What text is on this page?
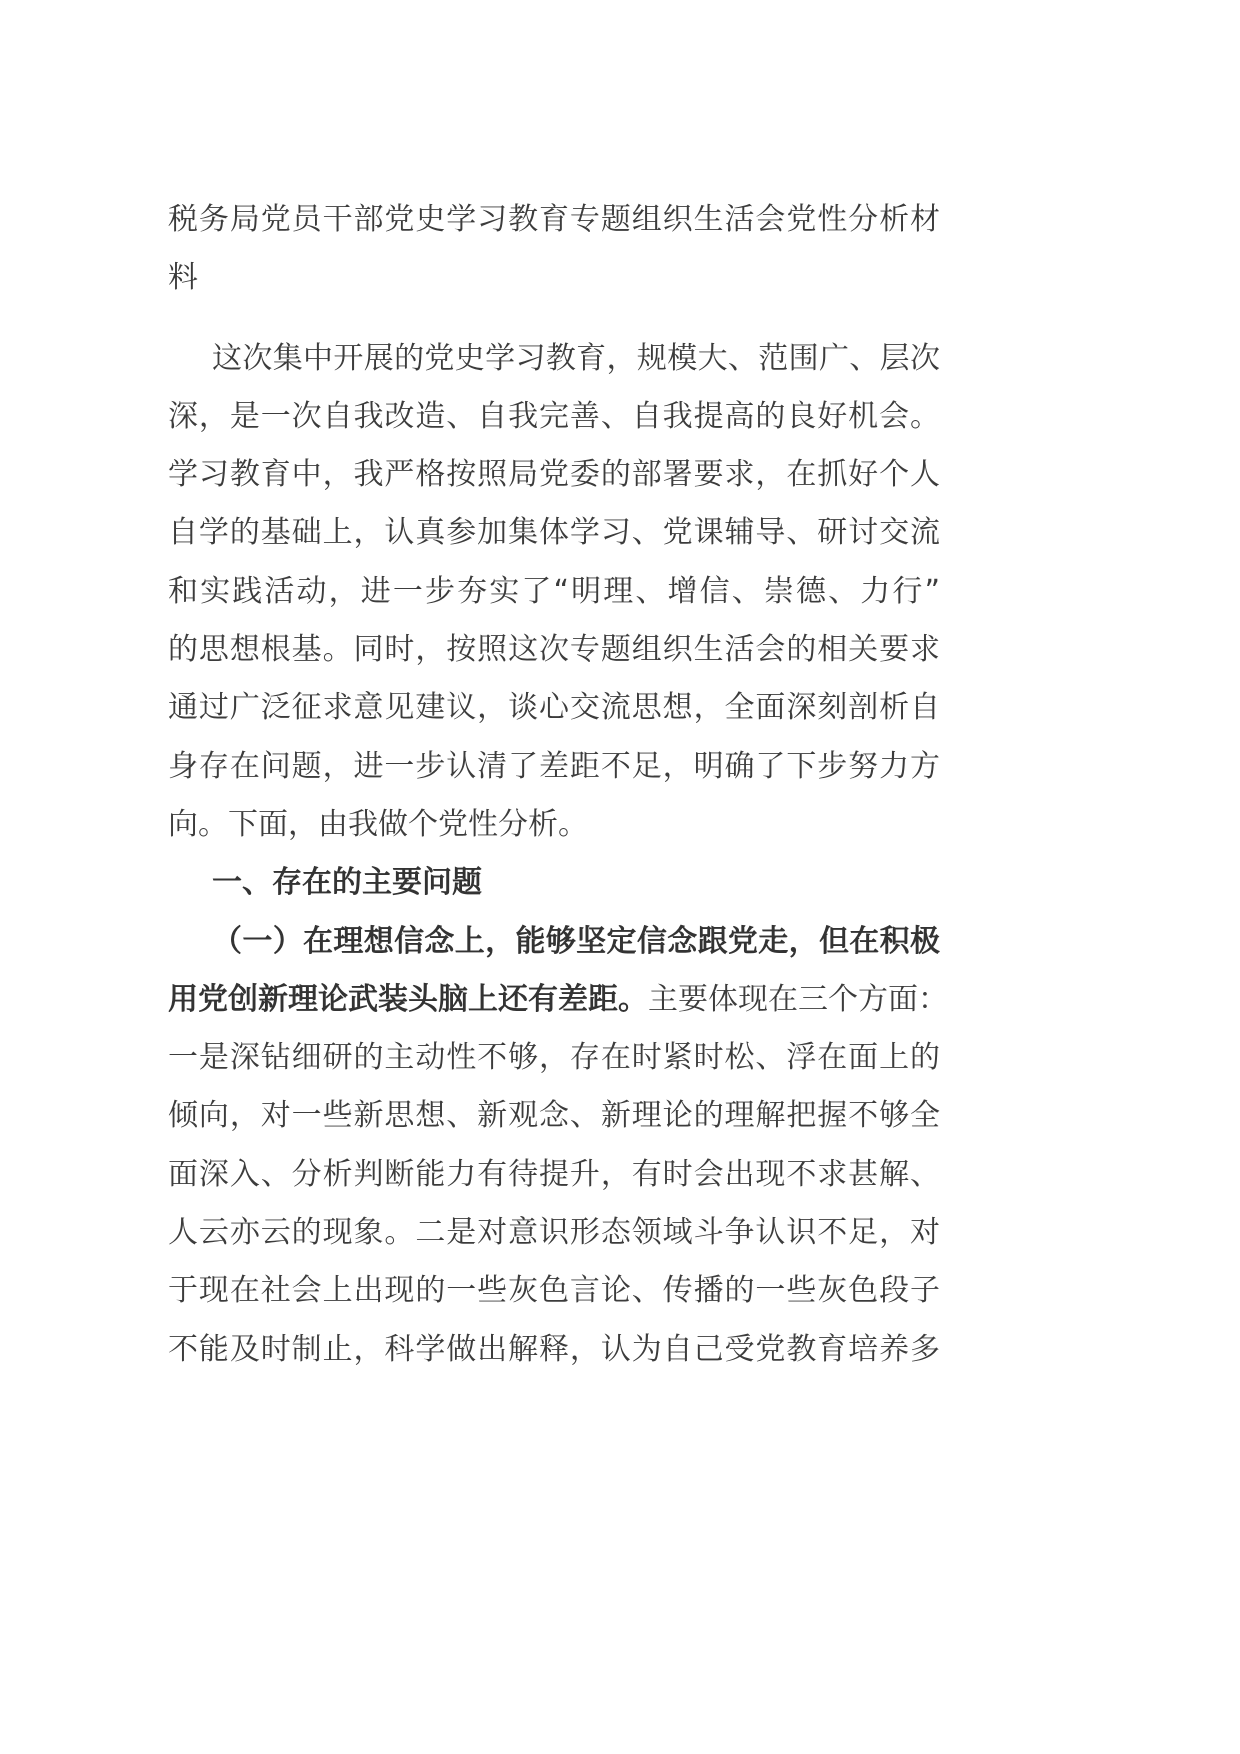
税务局党员干部党史学习教育专题组织生活会党性分析材
料
这次集中开展的党史学习教育，规模大、范围广、层次
深，是一次自我改造、自我完善、自我提高的良好机会。
学习教育中，我严格按照局党委的部署要求，在抓好个人
自学的基础上，认真参加集体学习、党课辅导、研讨交流
和实践活动，进一步夯实了“明理、增信、崇德、力行”
的思想根基。同时，按照这次专题组织生活会的相关要求
通过广泛征求意见建议，谈心交流思想，全面深刻剖析自
身存在问题，进一步认清了差距不足，明确了下步努力方
向。下面，由我做个党性分析。
一、存在的主要问题
（一）在理想信念上，能够坚定信念跟党走，但在积极
用党创新理论武装头脑上还有差距。主要体现在三个方面：
一是深钻细研的主动性不够，存在时紧时松、浮在面上的
倾向，对一些新思想、新观念、新理论的理解把握不够全
面深入、分析判断能力有待提升，有时会出现不求甚解、
人云亦云的现象。二是对意识形态领域斗争认识不足，对
于现在社会上出现的一些灰色言论、传播的一些灰色段子
不能及时制止，科学做出解释，认为自己受党教育培养多
